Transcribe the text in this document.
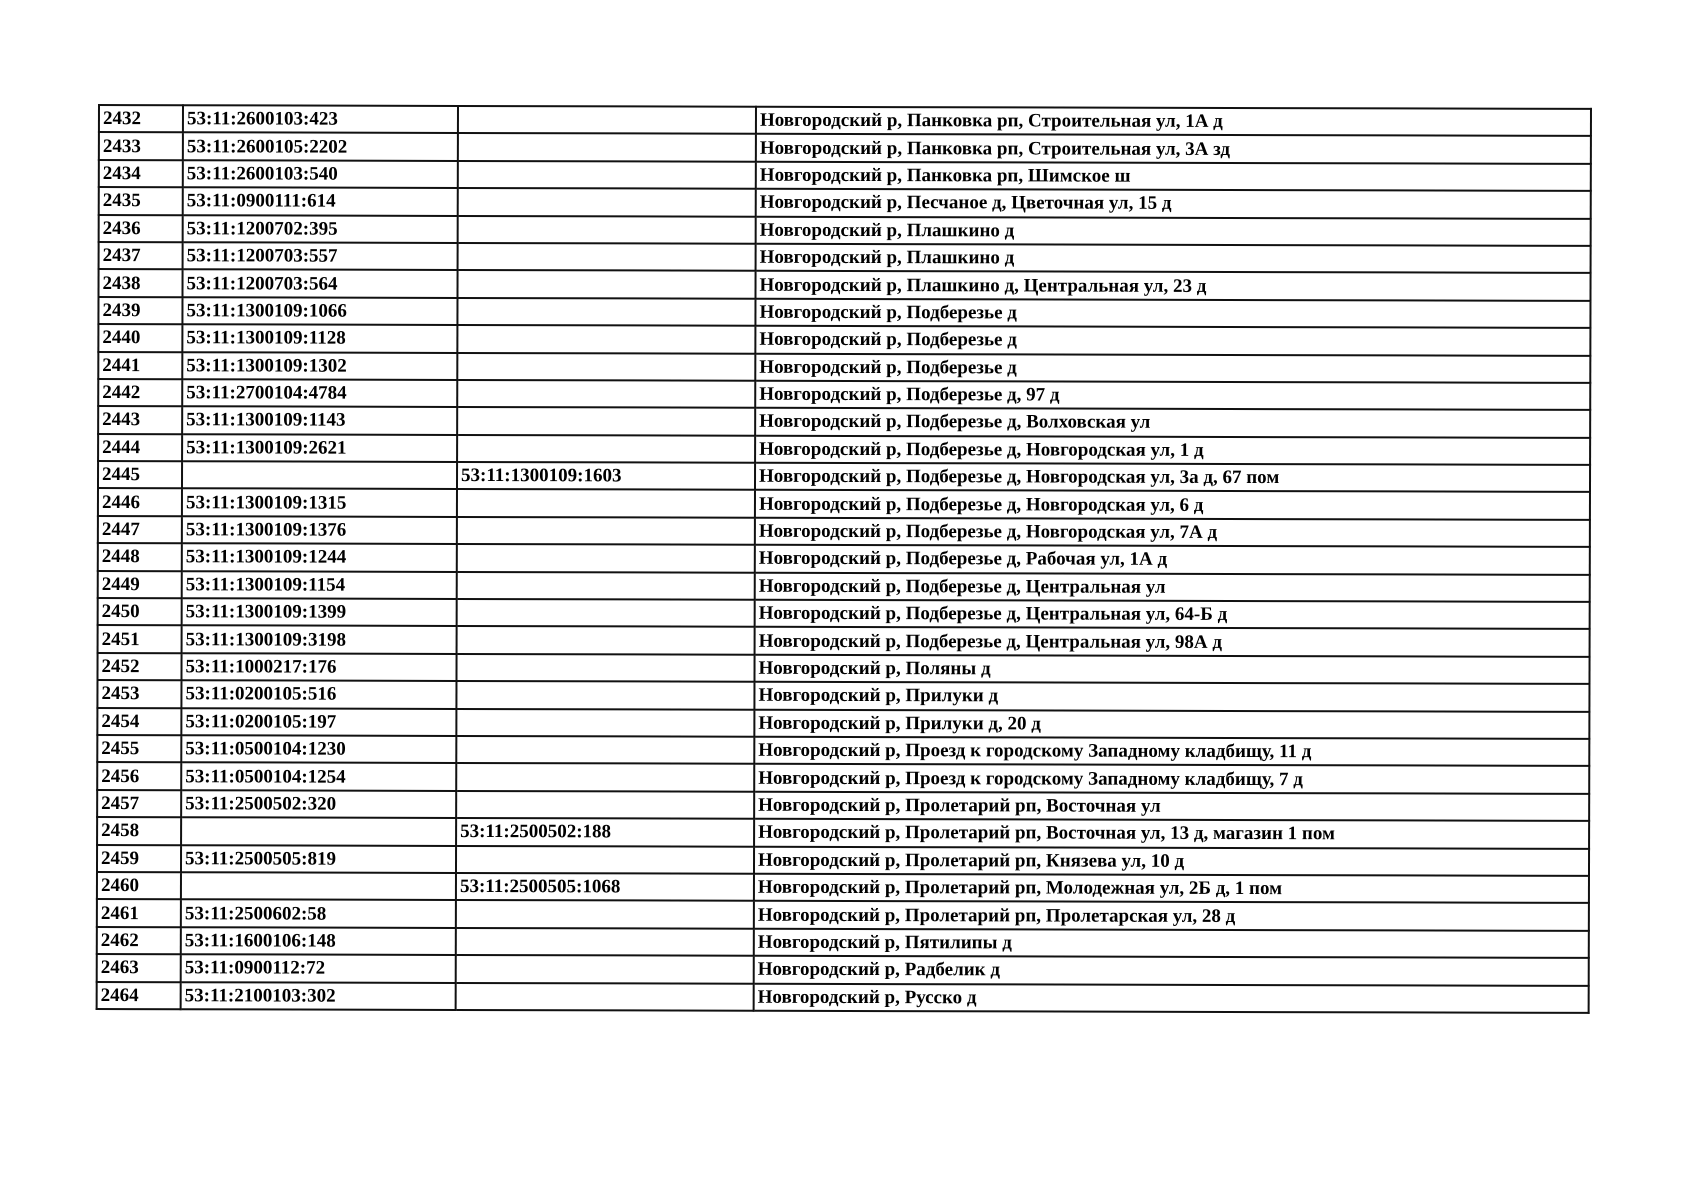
2432	53:11:2600103:423		Новгородский р, Панковка рп, Строительная ул, 1А д
2433	53:11:2600105:2202		Новгородский р, Панковка рп, Строительная ул, 3А зд
2434	53:11:2600103:540		Новгородский р, Панковка рп, Шимское ш
2435	53:11:0900111:614		Новгородский р, Песчаное д, Цветочная ул, 15 д
2436	53:11:1200702:395		Новгородский р, Плашкино д
2437	53:11:1200703:557		Новгородский р, Плашкино д
2438	53:11:1200703:564		Новгородский р, Плашкино д, Центральная ул, 23 д
2439	53:11:1300109:1066		Новгородский р, Подберезье д
2440	53:11:1300109:1128		Новгородский р, Подберезье д
2441	53:11:1300109:1302		Новгородский р, Подберезье д
2442	53:11:2700104:4784		Новгородский р, Подберезье д, 97 д
2443	53:11:1300109:1143		Новгородский р, Подберезье д, Волховская ул
2444	53:11:1300109:2621		Новгородский р, Подберезье д, Новгородская ул, 1 д
2445		53:11:1300109:1603	Новгородский р, Подберезье д, Новгородская ул, 3а д, 67 пом
2446	53:11:1300109:1315		Новгородский р, Подберезье д, Новгородская ул, 6 д
2447	53:11:1300109:1376		Новгородский р, Подберезье д, Новгородская ул, 7А д
2448	53:11:1300109:1244		Новгородский р, Подберезье д, Рабочая ул, 1А д
2449	53:11:1300109:1154		Новгородский р, Подберезье д, Центральная ул
2450	53:11:1300109:1399		Новгородский р, Подберезье д, Центральная ул, 64-Б д
2451	53:11:1300109:3198		Новгородский р, Подберезье д, Центральная ул, 98А д
2452	53:11:1000217:176		Новгородский р, Поляны д
2453	53:11:0200105:516		Новгородский р, Прилуки д
2454	53:11:0200105:197		Новгородский р, Прилуки д, 20 д
2455	53:11:0500104:1230		Новгородский р, Проезд к городскому Западному кладбищу, 11 д
2456	53:11:0500104:1254		Новгородский р, Проезд к городскому Западному кладбищу, 7 д
2457	53:11:2500502:320		Новгородский р, Пролетарий рп, Восточная ул
2458		53:11:2500502:188	Новгородский р, Пролетарий рп, Восточная ул, 13 д, магазин 1 пом
2459	53:11:2500505:819		Новгородский р, Пролетарий рп, Князева ул, 10 д
2460		53:11:2500505:1068	Новгородский р, Пролетарий рп, Молодежная ул, 2Б д, 1 пом
2461	53:11:2500602:58		Новгородский р, Пролетарий рп, Пролетарская ул, 28 д
2462	53:11:1600106:148		Новгородский р, Пятилипы д
2463	53:11:0900112:72		Новгородский р, Радбелик д
2464	53:11:2100103:302		Новгородский р, Русско д
